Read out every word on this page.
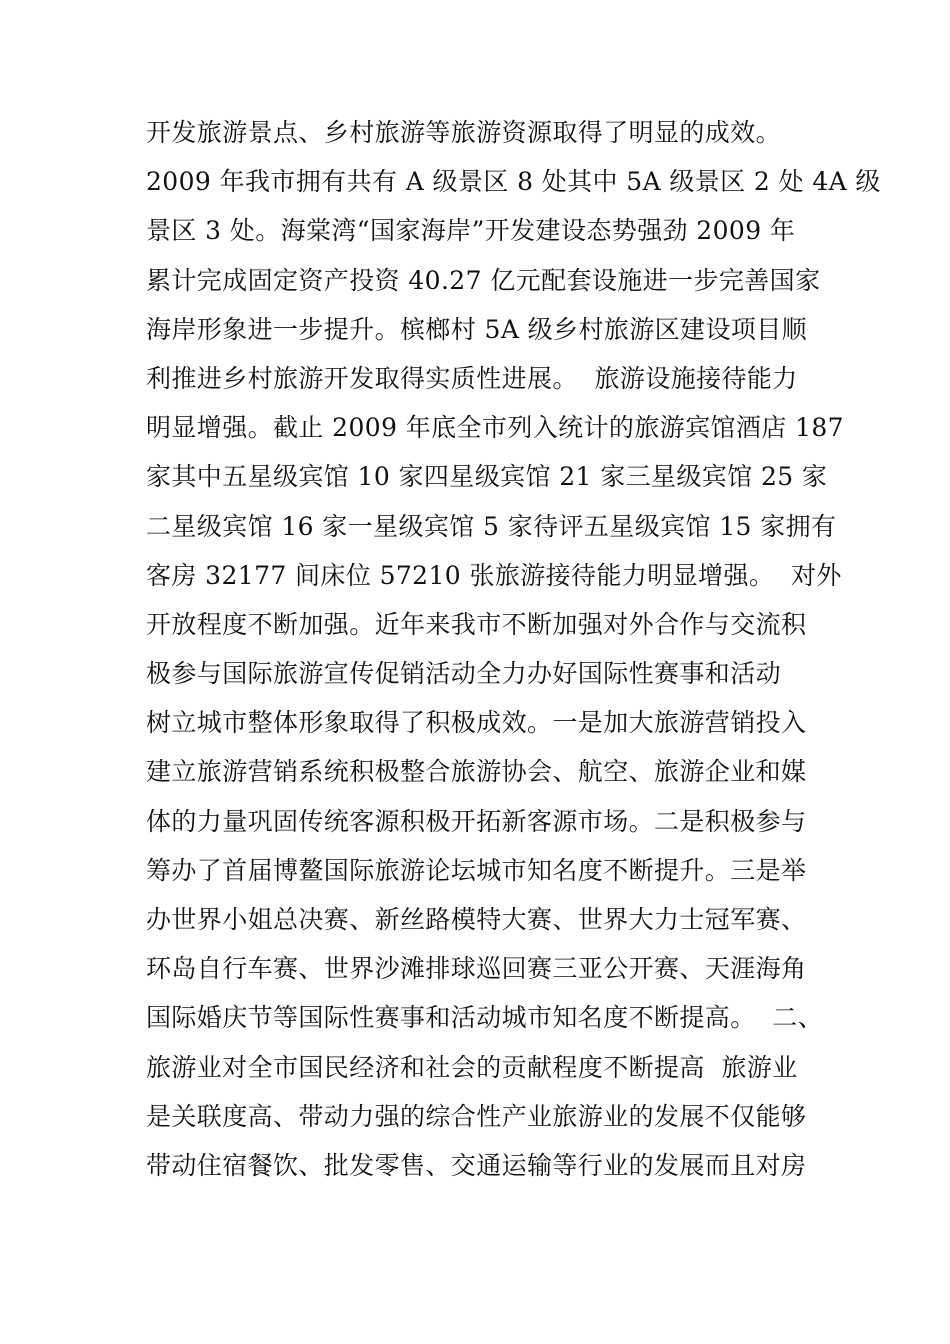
开发旅游景点、乡村旅游等旅游资源取得了明显的成效。
2009 年我市拥有共有 A 级景区 8 处其中 5A 级景区 2 处 4A 级
景区 3 处。海棠湾“国家海岸”开发建设态势强劲 2009 年
累计完成固定资产投资 40.27 亿元配套设施进一步完善国家
海岸形象进一步提升。槟榔村 5A 级乡村旅游区建设项目顺
利推进乡村旅游开发取得实质性进展。  旅游设施接待能力
明显增强。截止 2009 年底全市列入统计的旅游宾馆酒店 187
家其中五星级宾馆 10 家四星级宾馆 21 家三星级宾馆 25 家
二星级宾馆 16 家一星级宾馆 5 家待评五星级宾馆 15 家拥有
客房 32177 间床位 57210 张旅游接待能力明显增强。  对外
开放程度不断加强。近年来我市不断加强对外合作与交流积
极参与国际旅游宣传促销活动全力办好国际性赛事和活动
树立城市整体形象取得了积极成效。一是加大旅游营销投入
建立旅游营销系统积极整合旅游协会、航空、旅游企业和媒
体的力量巩固传统客源积极开拓新客源市场。二是积极参与
筹办了首届博鳌国际旅游论坛城市知名度不断提升。三是举
办世界小姐总决赛、新丝路模特大赛、世界大力士冠军赛、
环岛自行车赛、世界沙滩排球巡回赛三亚公开赛、天涯海角
国际婚庆节等国际性赛事和活动城市知名度不断提高。  二、
旅游业对全市国民经济和社会的贡献程度不断提高  旅游业
是关联度高、带动力强的综合性产业旅游业的发展不仅能够
带动住宿餐饮、批发零售、交通运输等行业的发展而且对房
